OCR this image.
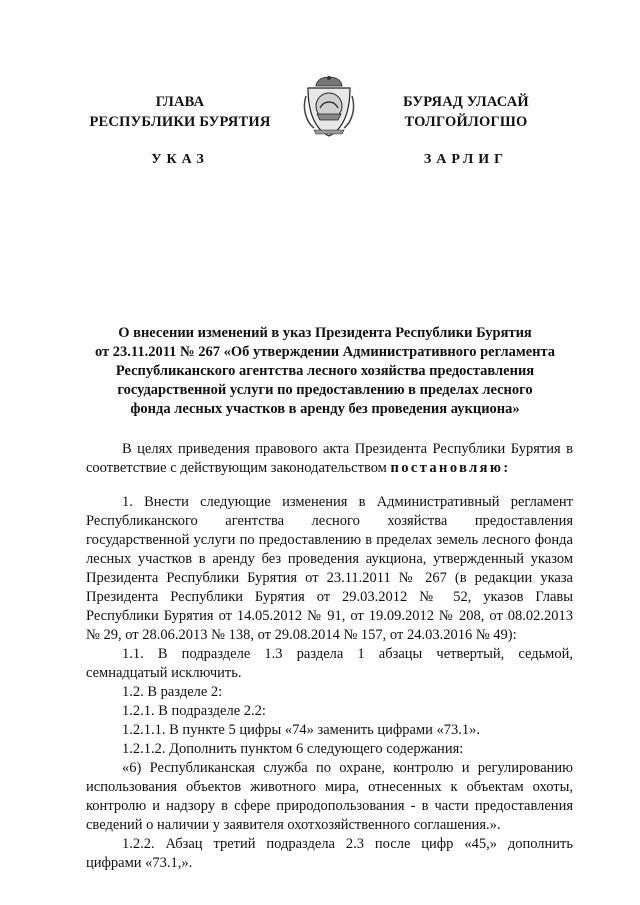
ГЛАВА
РЕСПУБЛИКИ БУРЯТИЯ
УКАЗ
БУРЯАД УЛАСАЙ
ТОЛГОЙЛОГШО
ЗАРЛИГ
О внесении изменений в указ Президента Республики Бурятия
от 23.11.2011 № 267 «Об утверждении Административного регламента
Республиканского агентства лесного хозяйства предоставления
государственной услуги по предоставлению в пределах лесного
фонда лесных участков в аренду без проведения аукциона»

В целях приведения правового акта Президента Республики Бурятия в соответствие с действующим законодательством постановляю:

1. Внести следующие изменения в Административный регламент Республиканского агентства лесного хозяйства предоставления государственной услуги по предоставлению в пределах земель лесного фонда лесных участков в аренду без проведения аукциона, утвержденный указом Президента Республики Бурятия от 23.11.2011 № 267 (в редакции указа Президента Республики Бурятия от 29.03.2012 № 52, указов Главы Республики Бурятия от 14.05.2012 № 91, от 19.09.2012 № 208, от 08.02.2013 № 29, от 28.06.2013 № 138, от 29.08.2014 № 157, от 24.03.2016 № 49):

1.1. В подразделе 1.3 раздела 1 абзацы четвертый, седьмой, семнадцатый исключить.

1.2. В разделе 2:

1.2.1. В подразделе 2.2:

1.2.1.1. В пункте 5 цифры «74» заменить цифрами «73.1».

1.2.1.2. Дополнить пунктом 6 следующего содержания:

«6) Республиканская служба по охране, контролю и регулированию использования объектов животного мира, отнесенных к объектам охоты, контролю и надзору в сфере природопользования - в части предоставления сведений о наличии у заявителя охотхозяйственного соглашения.».

1.2.2. Абзац третий подраздела 2.3 после цифр «45,» дополнить цифрами «73.1,».
